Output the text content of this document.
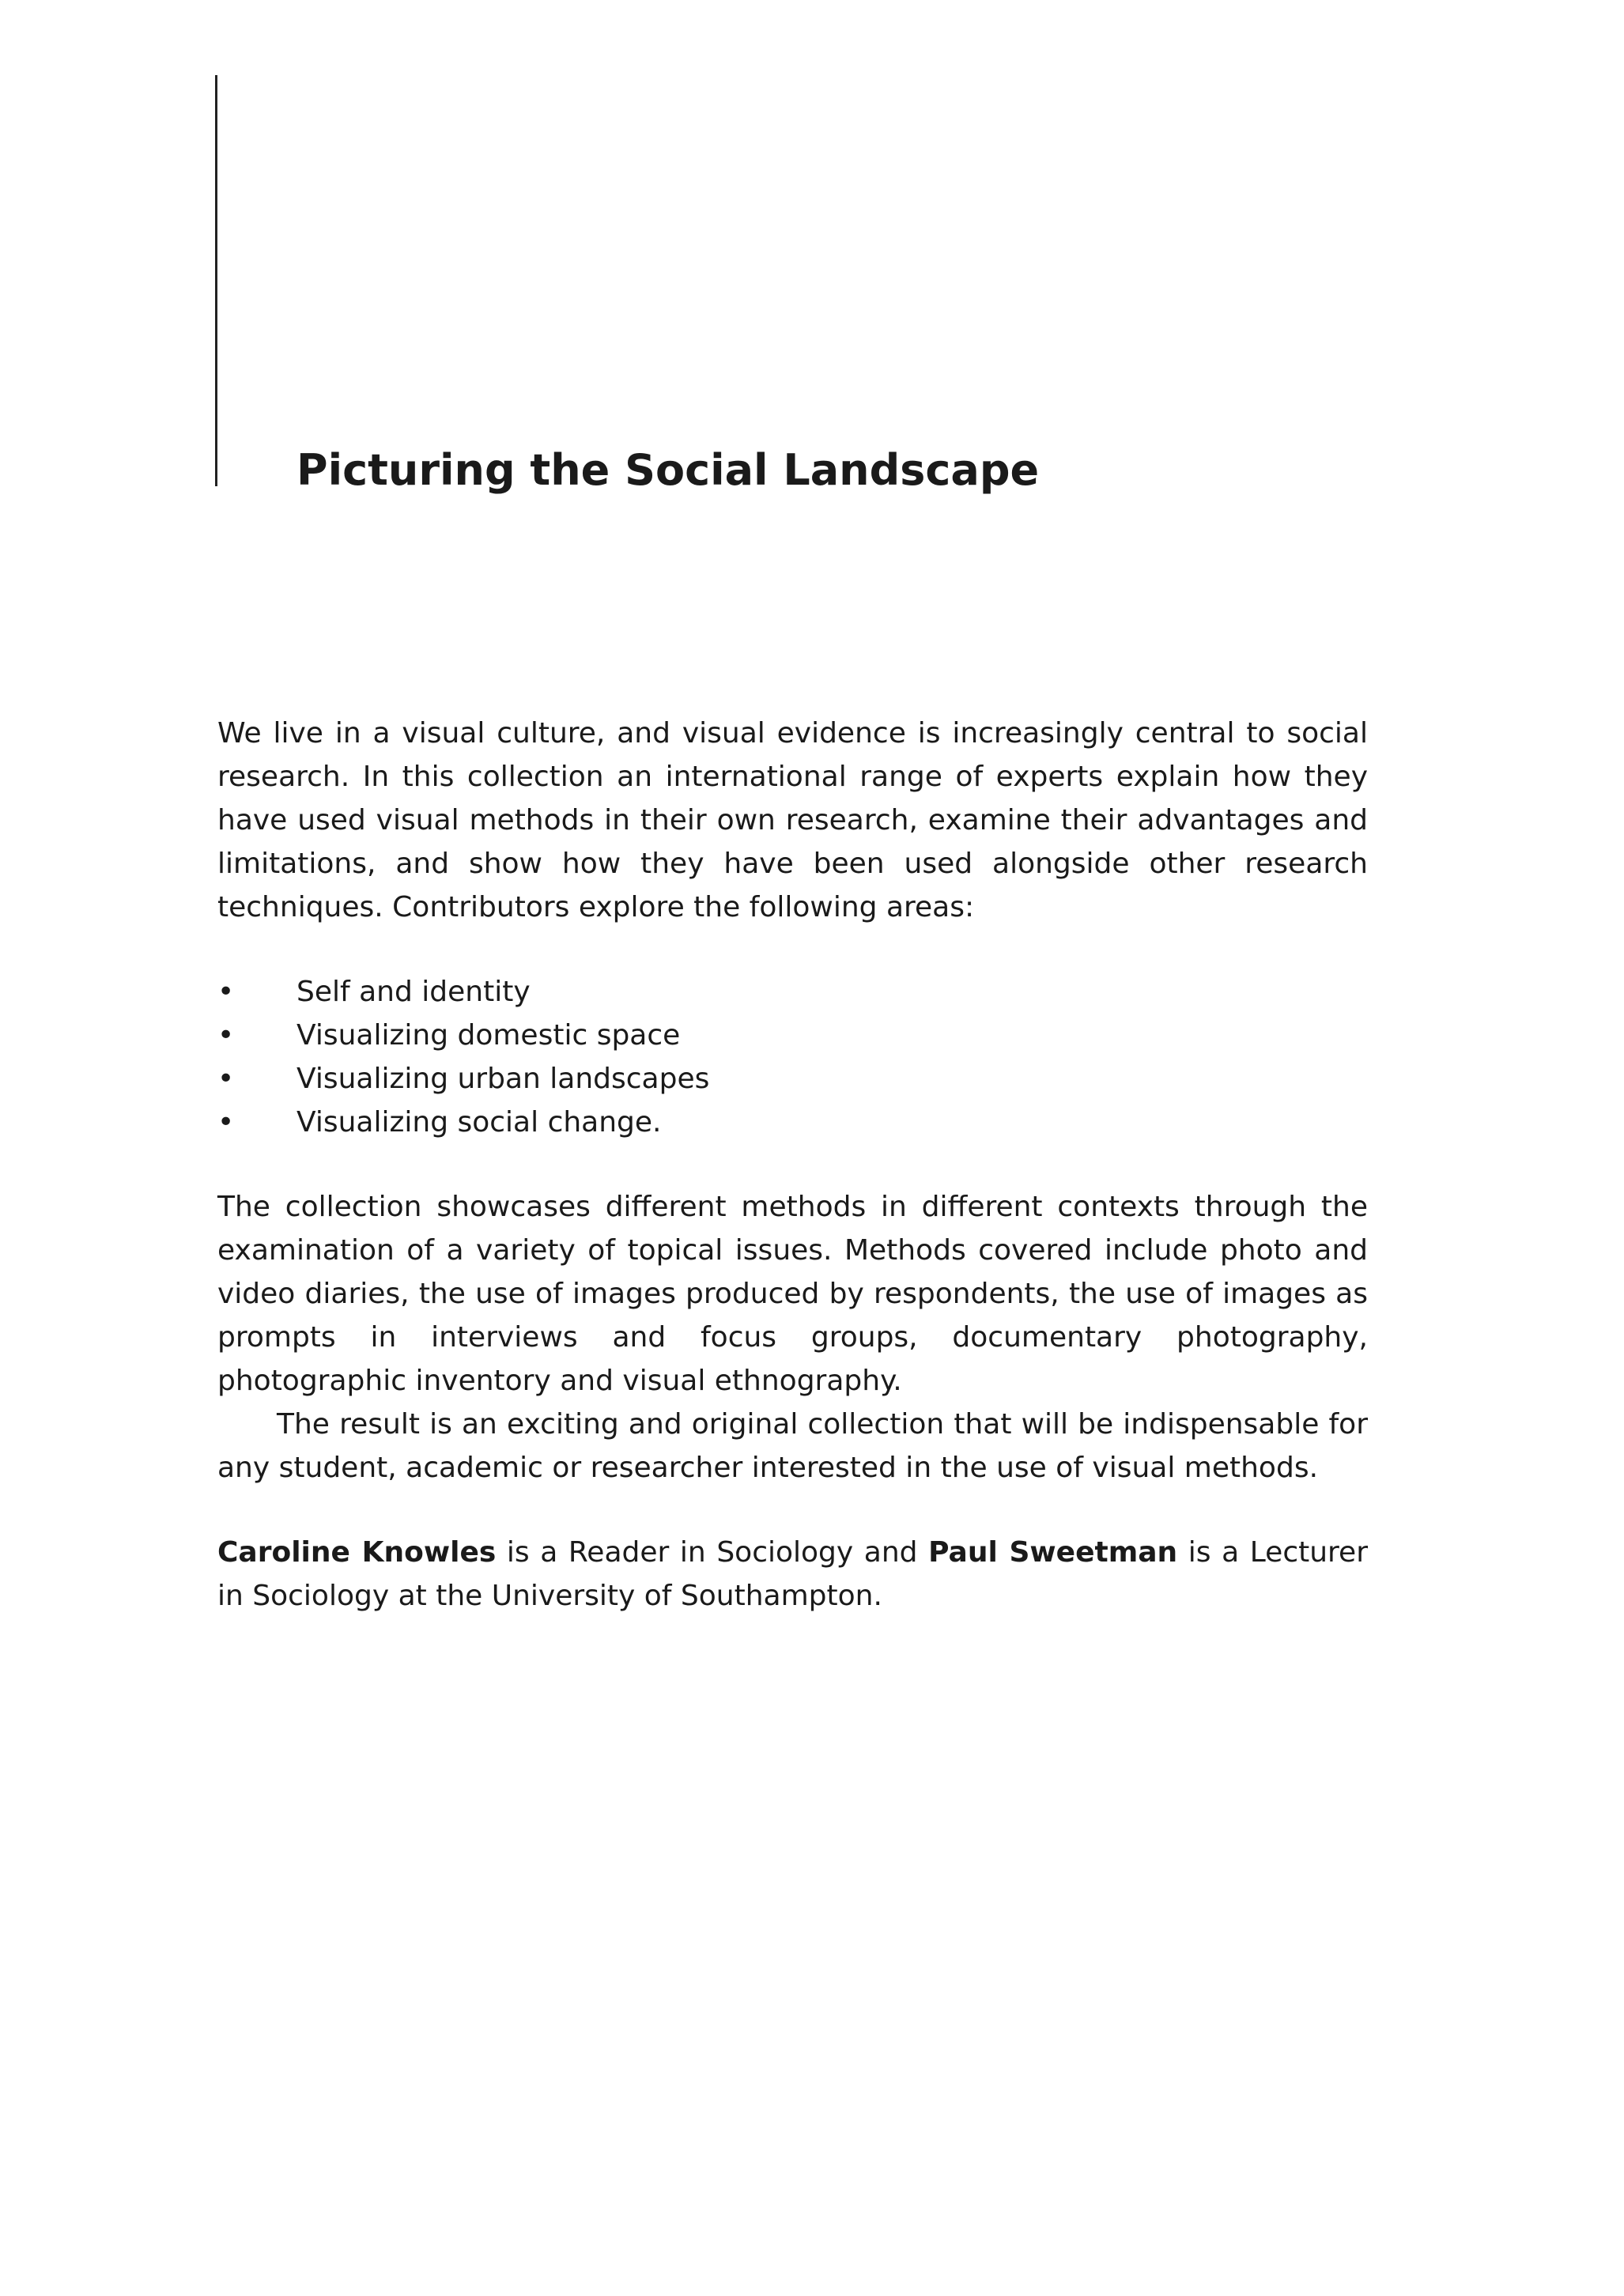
Picturing the Social Landscape

We live in a visual culture, and visual evidence is increasingly central to social research. In this collection an international range of experts explain how they have used visual methods in their own research, examine their advantages and limitations, and show how they have been used alongside other research techniques. Contributors explore the following areas:

• Self and identity
• Visualizing domestic space
• Visualizing urban landscapes
• Visualizing social change.

The collection showcases different methods in different contexts through the examination of a variety of topical issues. Methods covered include photo and video diaries, the use of images produced by respondents, the use of images as prompts in interviews and focus groups, documentary photography, photographic inventory and visual ethnography.

The result is an exciting and original collection that will be indispensable for any student, academic or researcher interested in the use of visual methods.

Caroline Knowles is a Reader in Sociology and Paul Sweetman is a Lecturer in Sociology at the University of Southampton.
